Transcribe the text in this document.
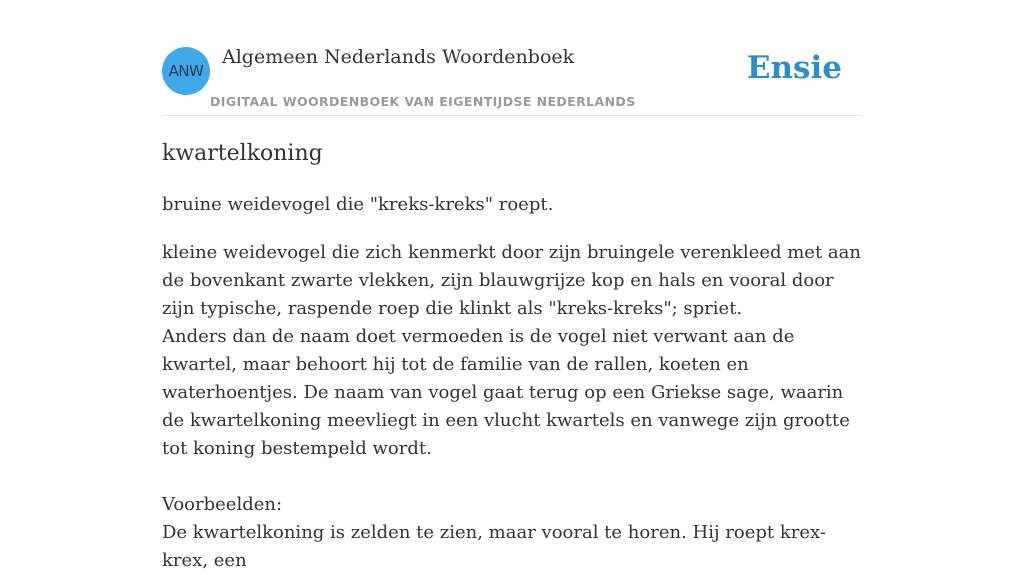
ANW
Algemeen Nederlands Woordenboek
DIGITAAL WOORDENBOEK VAN EIGENTIJDSE NEDERLANDS
Ensie
kwartelkoning
bruine weidevogel die "kreks-kreks" roept.

kleine weidevogel die zich kenmerkt door zijn bruingele verenkleed met aan de bovenkant zwarte vlekken, zijn blauwgrijze kop en hals en vooral door zijn typische, raspende roep die klinkt als "kreks-kreks"; spriet.

Anders dan de naam doet vermoeden is de vogel niet verwant aan de kwartel, maar behoort hij tot de familie van de rallen, koeten en waterhoentjes. De naam van vogel gaat terug op een Griekse sage, waarin de kwartelkoning meevliegt in een vlucht kwartels en vanwege zijn grootte tot koning bestempeld wordt.

Voorbeelden:

De kwartelkoning is zelden te zien, maar vooral te horen. Hij roept krex-krex, een
